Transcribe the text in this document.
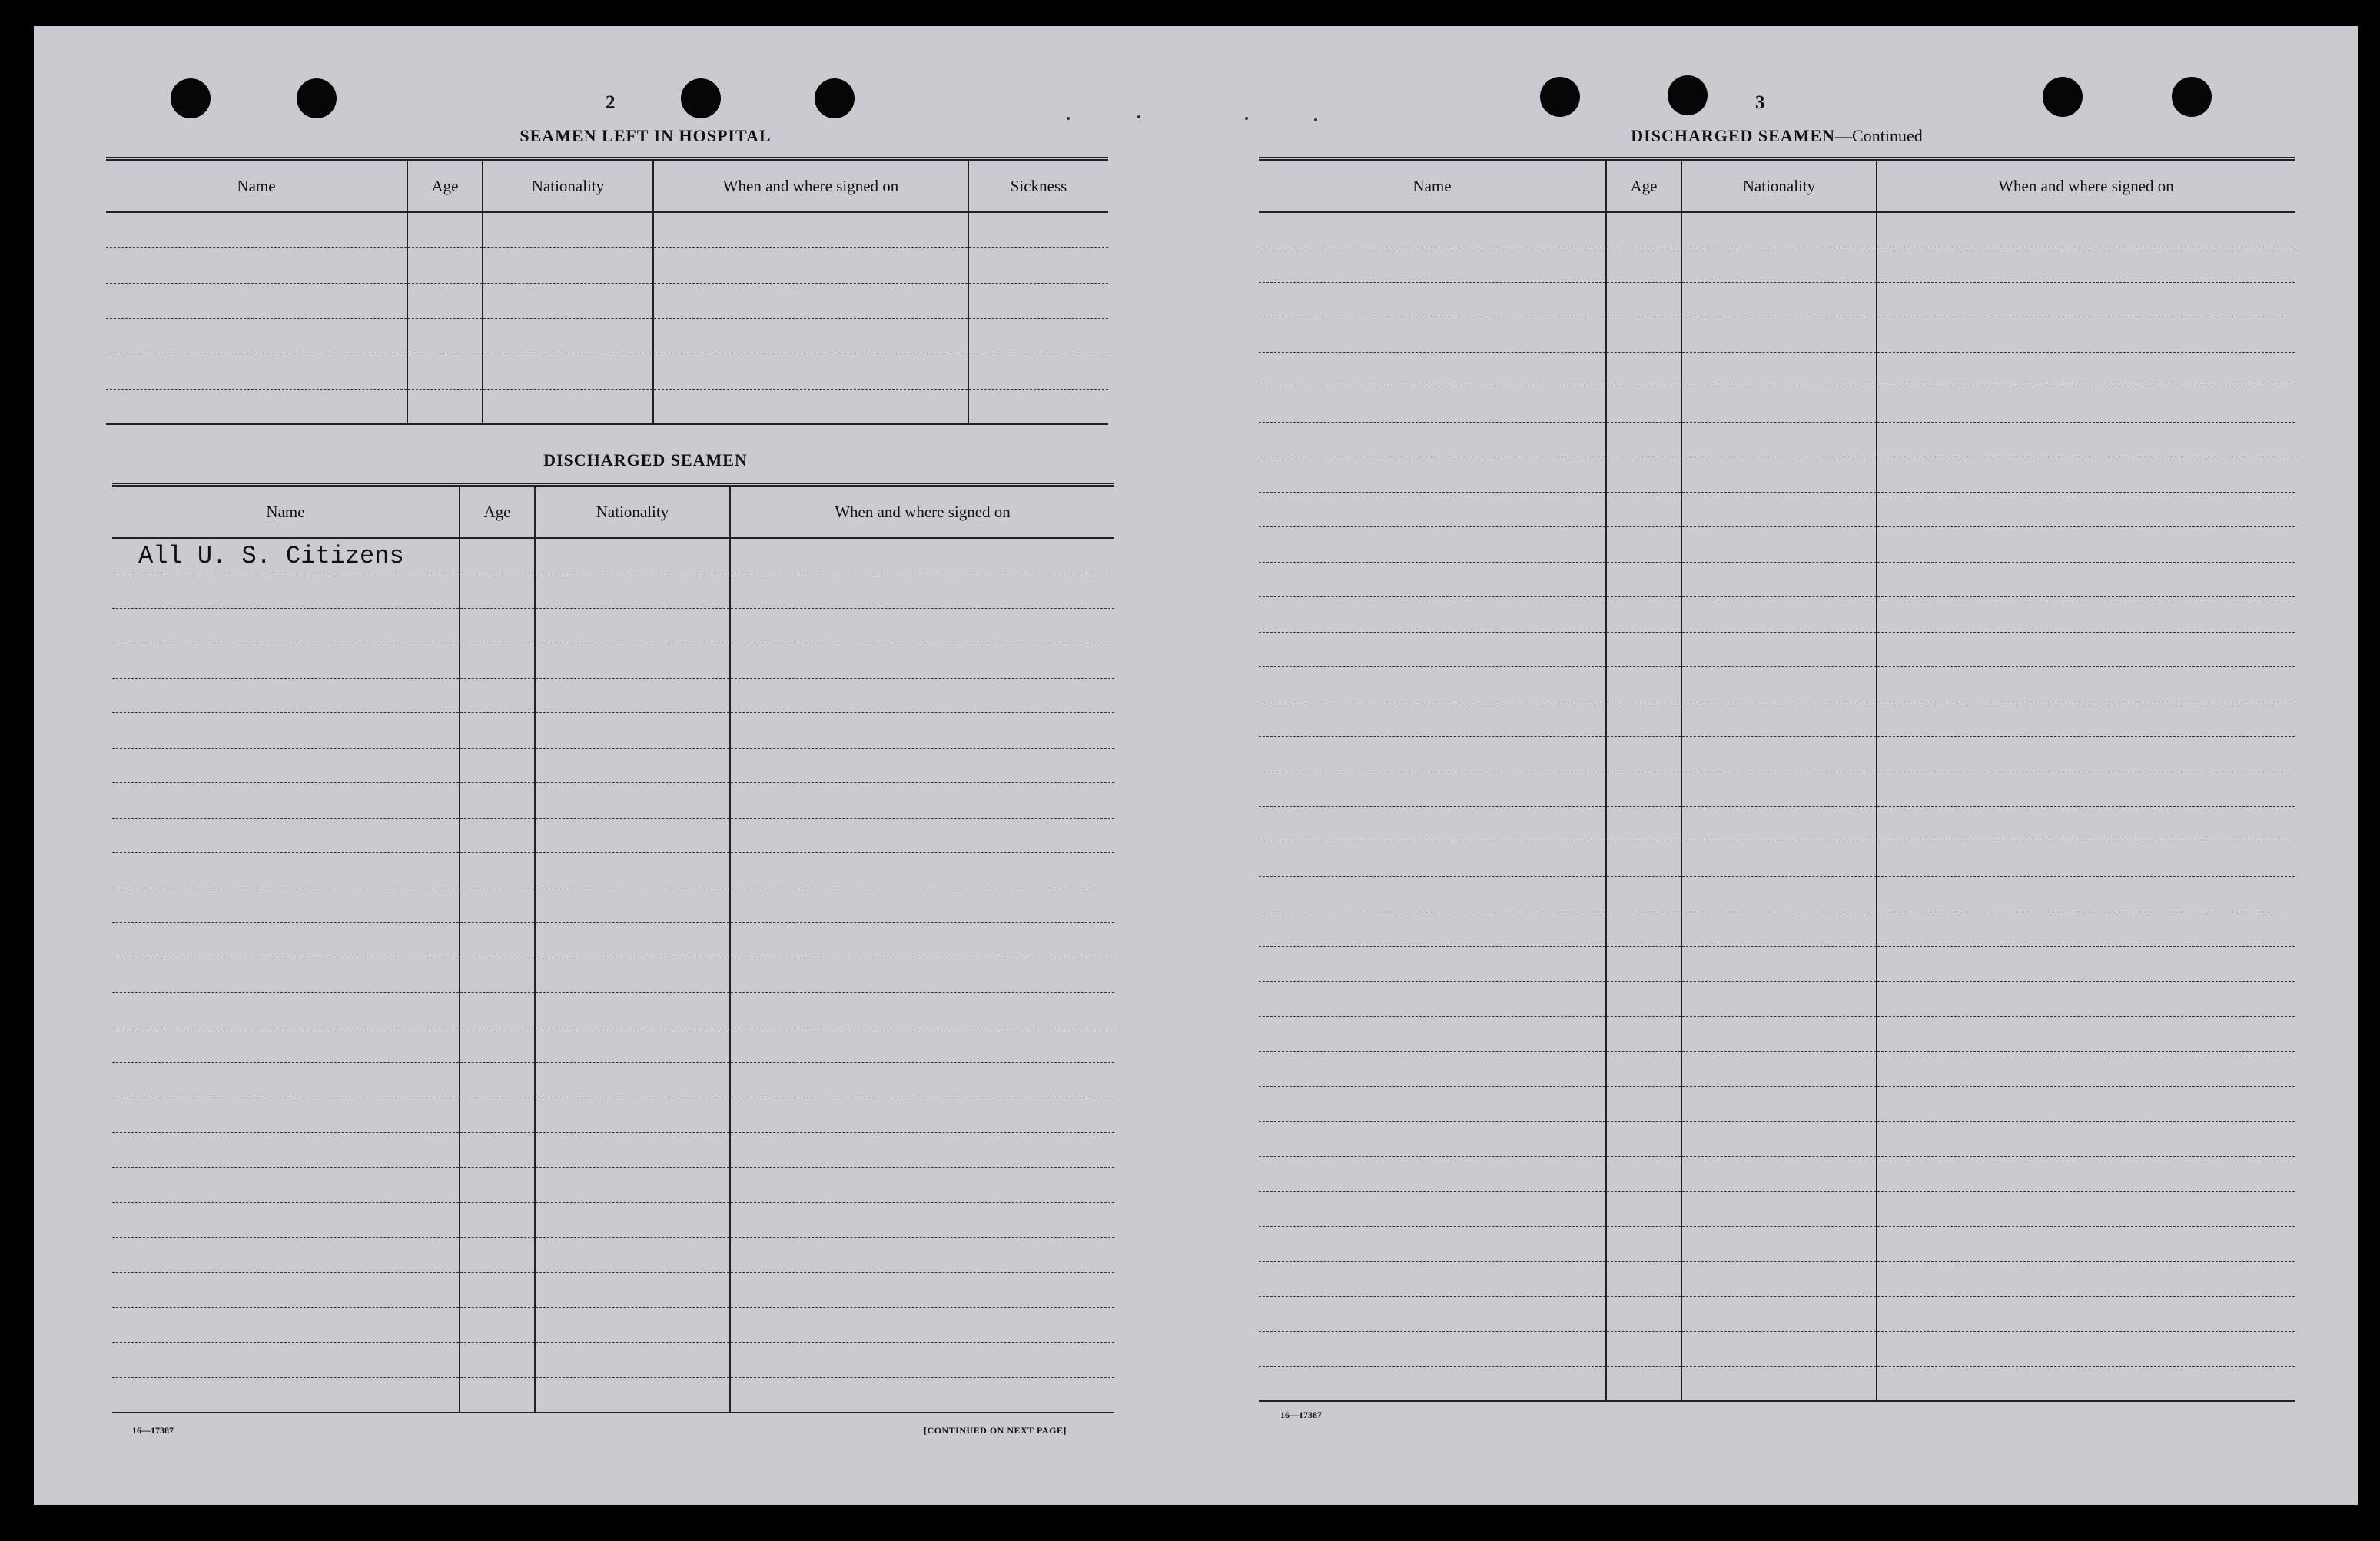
2
SEAMEN LEFT IN HOSPITAL
Name	Age	Nationality	When and where signed on	Sickness

DISCHARGED SEAMEN
Name	Age	Nationality	When and where signed on
All U. S. Citizens			

16—17387	[CONTINUED ON NEXT PAGE]
3
DISCHARGED SEAMEN—Continued
Name	Age	Nationality	When and where signed on

16—17387
